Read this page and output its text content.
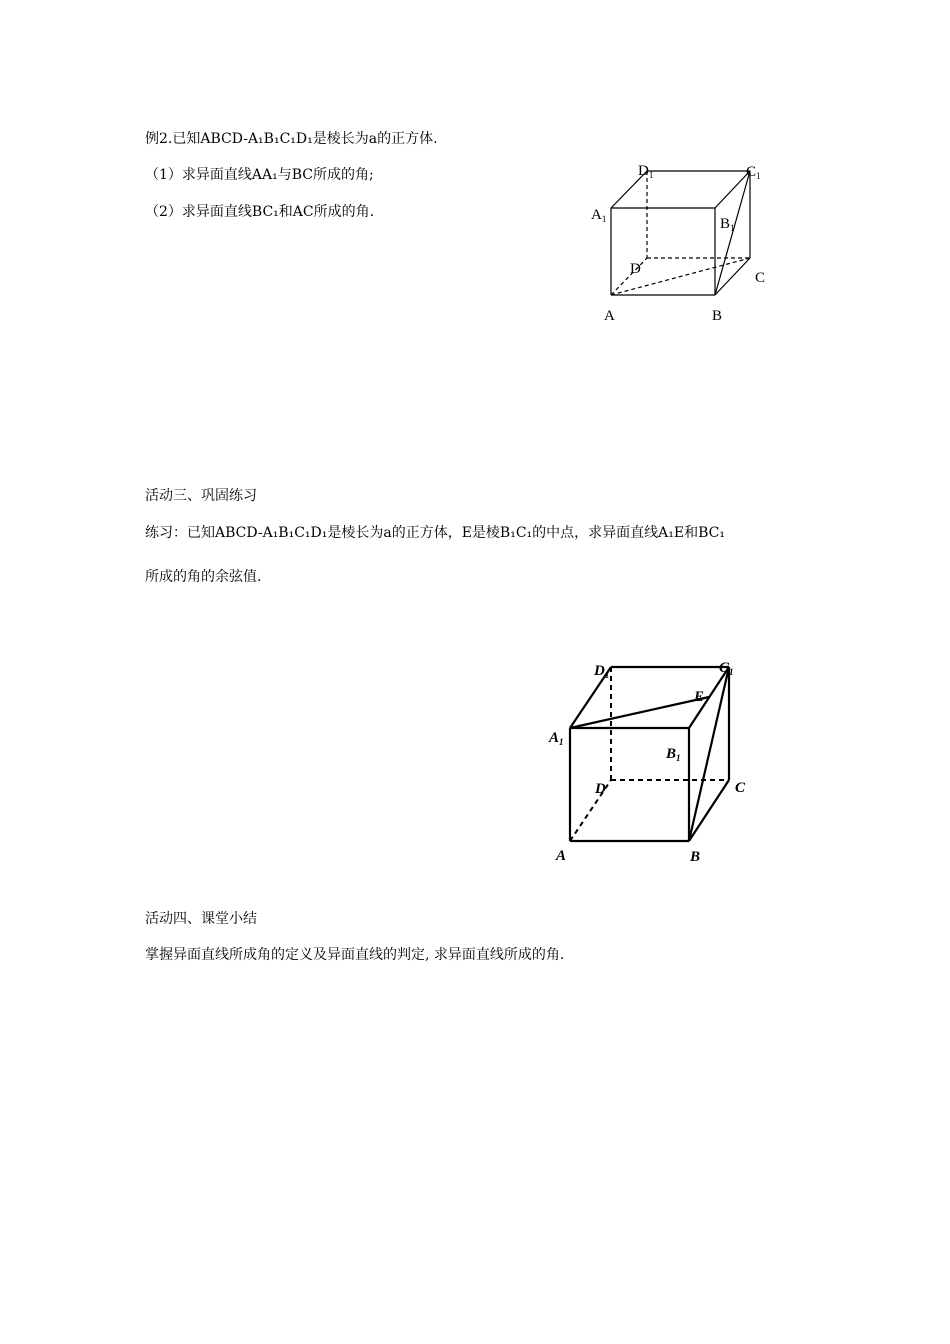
例2.已知ABCD-A₁B₁C₁D₁是棱长为a的正方体.
（1）求异面直线AA₁与BC所成的角;
（2）求异面直线BC₁和AC所成的角.
活动三、巩固练习
练习：已知ABCD-A₁B₁C₁D₁是棱长为a的正方体，E是棱B₁C₁的中点，求异面直线A₁E和BC₁
所成的角的余弦值.
活动四、课堂小结
掌握异面直线所成角的定义及异面直线的判定, 求异面直线所成的角.
$D_1$	$C_1$
$A_1$	$B_1$
D
C
A	B
$D_1$	$C_1$
E
$A_1$
$B_1$
D	C
A	B
